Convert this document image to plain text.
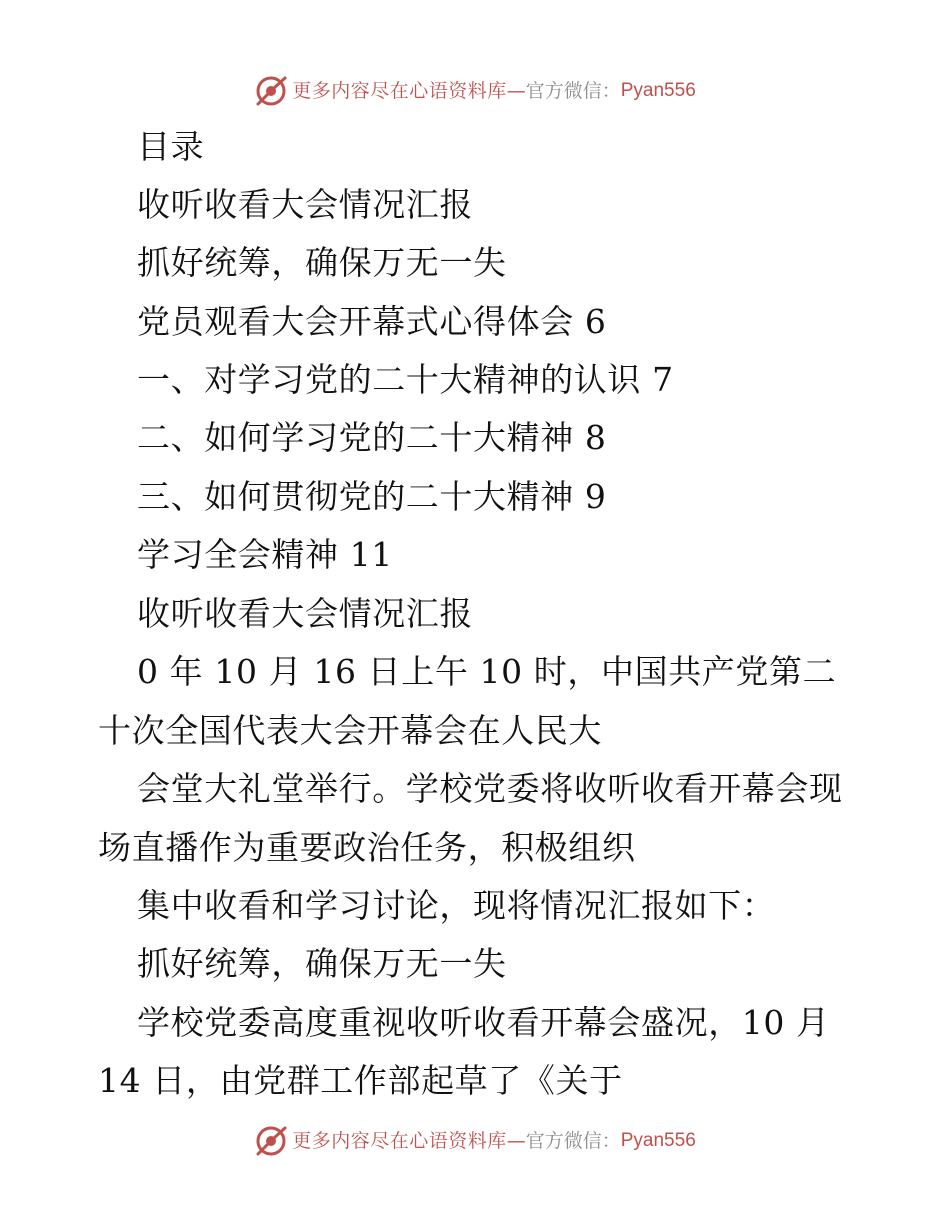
更多内容尽在心语资料库 — 官方微信： Pyan556
目录
收听收看大会情况汇报
抓好统筹，确保万无一失
党员观看大会开幕式心得体会 6
一、对学习党的二十大精神的认识 7
二、如何学习党的二十大精神 8
三、如何贯彻党的二十大精神 9
学习全会精神 11
收听收看大会情况汇报
0 年 10 月 16 日上午 10 时，中国共产党第二
十次全国代表大会开幕会在人民大
会堂大礼堂举行。学校党委将收听收看开幕会现
场直播作为重要政治任务，积极组织
集中收看和学习讨论，现将情况汇报如下：
抓好统筹，确保万无一失
学校党委高度重视收听收看开幕会盛况，10 月
14 日，由党群工作部起草了《关于
更多内容尽在心语资料库 — 官方微信： Pyan556
